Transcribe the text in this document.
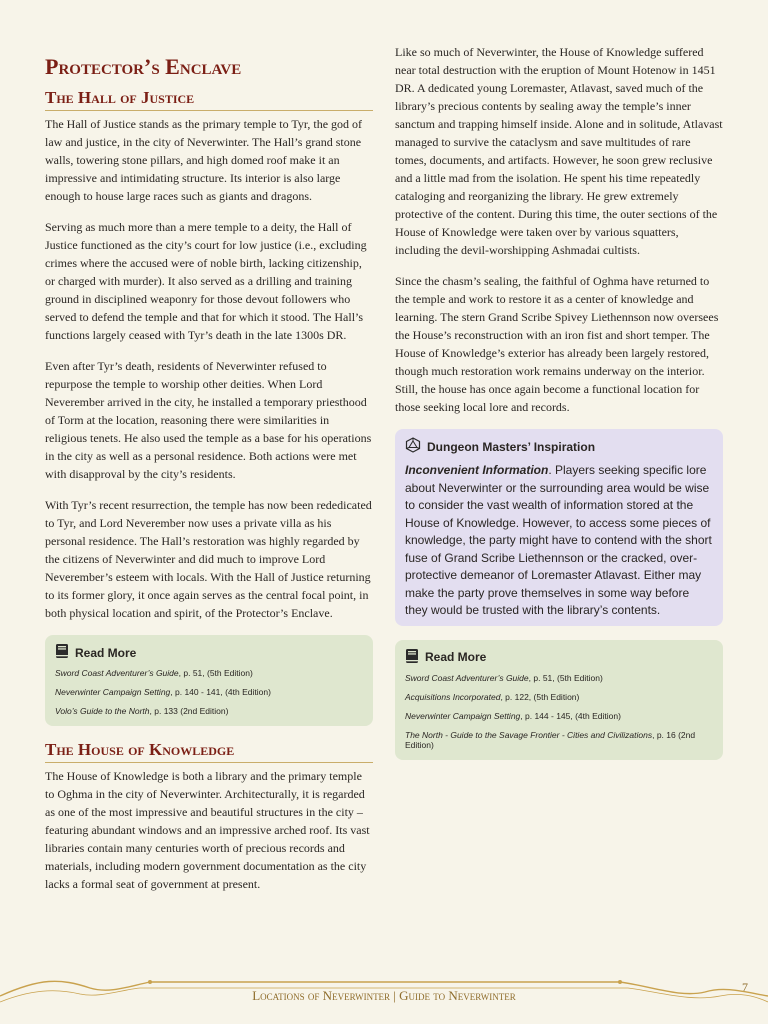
Protector’s Enclave
The Hall of Justice

The Hall of Justice stands as the primary temple to Tyr, the god of law and justice, in the city of Neverwinter. The Hall’s grand stone walls, towering stone pillars, and high domed roof make it an impressive and intimidating structure. Its interior is also large enough to house large races such as giants and dragons.

Serving as much more than a mere temple to a deity, the Hall of Justice functioned as the city’s court for low justice (i.e., excluding crimes where the accused were of noble birth, lacking citizenship, or charged with murder). It also served as a drilling and training ground in disciplined weaponry for those devout followers who served to defend the temple and that for which it stood. The Hall’s functions largely ceased with Tyr’s death in the late 1300s DR.

Even after Tyr’s death, residents of Neverwinter refused to repurpose the temple to worship other deities. When Lord Neverember arrived in the city, he installed a temporary priesthood of Torm at the location, reasoning there were similarities in religious tenets. He also used the temple as a base for his operations in the city as well as a personal residence. Both actions were met with disapproval by the city’s residents.

With Tyr’s recent resurrection, the temple has now been rededicated to Tyr, and Lord Neverember now uses a private villa as his personal residence. The Hall’s restoration was highly regarded by the citizens of Neverwinter and did much to improve Lord Neverember’s esteem with locals. With the Hall of Justice returning to its former glory, it once again serves as the central focal point, in both physical location and spirit, of the Protector’s Enclave.

Read More

Sword Coast Adventurer’s Guide, p. 51, (5th Edition)

Neverwinter Campaign Setting, p. 140 - 141, (4th Edition)

Volo’s Guide to the North, p. 133 (2nd Edition)

The House of Knowledge

The House of Knowledge is both a library and the primary temple to Oghma in the city of Neverwinter. Architecturally, it is regarded as one of the most impressive and beautiful structures in the city – featuring abundant windows and an impressive arched roof. Its vast libraries contain many centuries worth of precious records and materials, including modern government documentation as the city lacks a formal seat of government at present.

Like so much of Neverwinter, the House of Knowledge suffered near total destruction with the eruption of Mount Hotenow in 1451 DR. A dedicated young Loremaster, Atlavast, saved much of the library’s precious contents by sealing away the temple’s inner sanctum and trapping himself inside. Alone and in solitude, Atlavast managed to survive the cataclysm and save multitudes of rare tomes, documents, and artifacts. However, he soon grew reclusive and a little mad from the isolation. He spent his time repeatedly cataloging and reorganizing the library. He grew extremely protective of the content. During this time, the outer sections of the House of Knowledge were taken over by various squatters, including the devil-worshipping Ashmadai cultists.

Since the chasm’s sealing, the faithful of Oghma have returned to the temple and work to restore it as a center of knowledge and learning. The stern Grand Scribe Spivey Liethennson now oversees the House’s reconstruction with an iron fist and short temper. The House of Knowledge’s exterior has already been largely restored, though much restoration work remains underway on the interior. Still, the house has once again become a functional location for those seeking local lore and records.

Dungeon Masters’ Inspiration

Inconvenient Information. Players seeking specific lore about Neverwinter or the surrounding area would be wise to consider the vast wealth of information stored at the House of Knowledge. However, to access some pieces of knowledge, the party might have to contend with the short fuse of Grand Scribe Liethennson or the cracked, over-protective demeanor of Loremaster Atlavast. Either may make the party prove themselves in some way before they would be trusted with the library’s contents.

Read More

Sword Coast Adventurer’s Guide, p. 51, (5th Edition)

Acquisitions Incorporated, p. 122, (5th Edition)

Neverwinter Campaign Setting, p. 144 - 145, (4th Edition)

The North - Guide to the Savage Frontier - Cities and Civilizations, p. 16 (2nd Edition)

Locations of Neverwinter | Guide to Neverwinter
7
